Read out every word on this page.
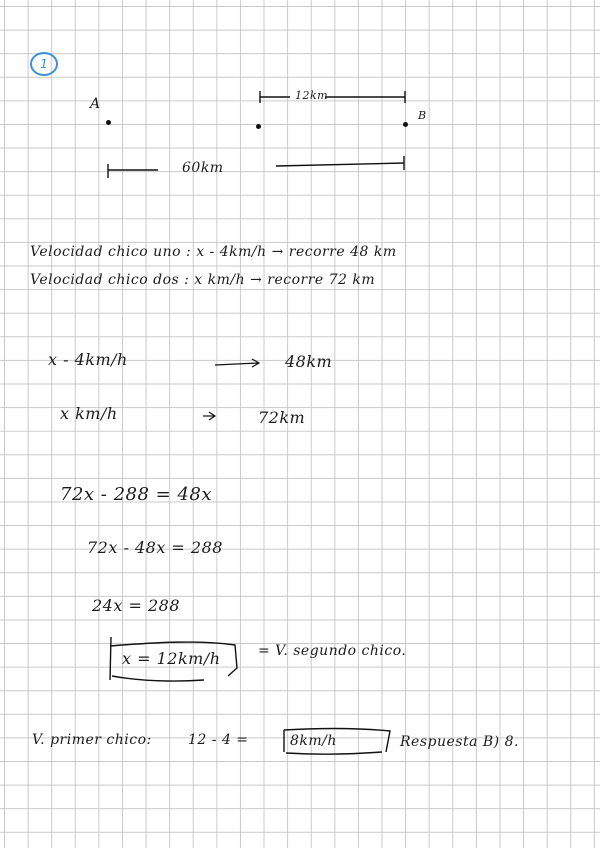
1
A
B
12km
60km
Velocidad chico uno : x - 4km/h → recorre 48 km
Velocidad chico dos : x km/h → recorre 72 km
x - 4km/h	48km
x km/h	72km
72x - 288 = 48x
72x - 48x = 288
24x = 288
x = 12km/h	= V. segundo chico.
V. primer chico:	12 - 4 =	8km/h	Respuesta B) 8.
